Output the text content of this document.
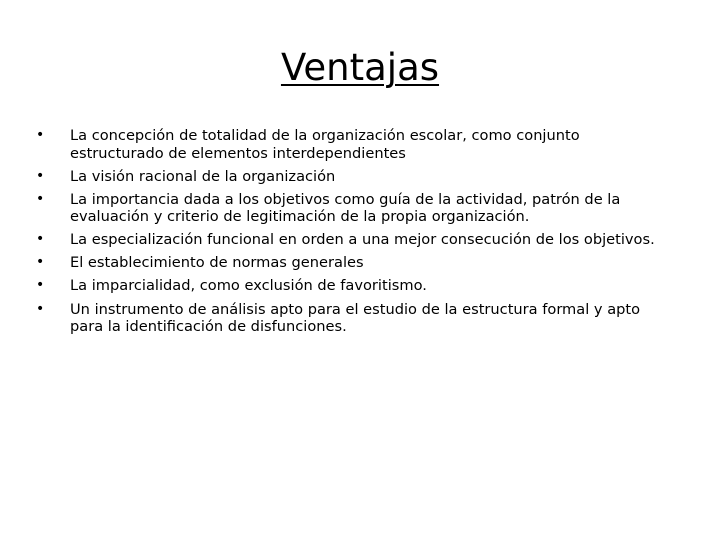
Ventajas
• La concepción de totalidad de la organización escolar, como conjunto estructurado de elementos interdependientes
• La visión racional de la organización
• La importancia dada a los objetivos como guía de la actividad, patrón de la evaluación y criterio de legitimación de la propia organización.
• La especialización funcional en orden a una mejor consecución de los objetivos.
• El establecimiento de normas generales
• La imparcialidad, como exclusión de favoritismo.
• Un instrumento de análisis apto para el estudio de la estructura formal y apto para la identificación de disfunciones.
